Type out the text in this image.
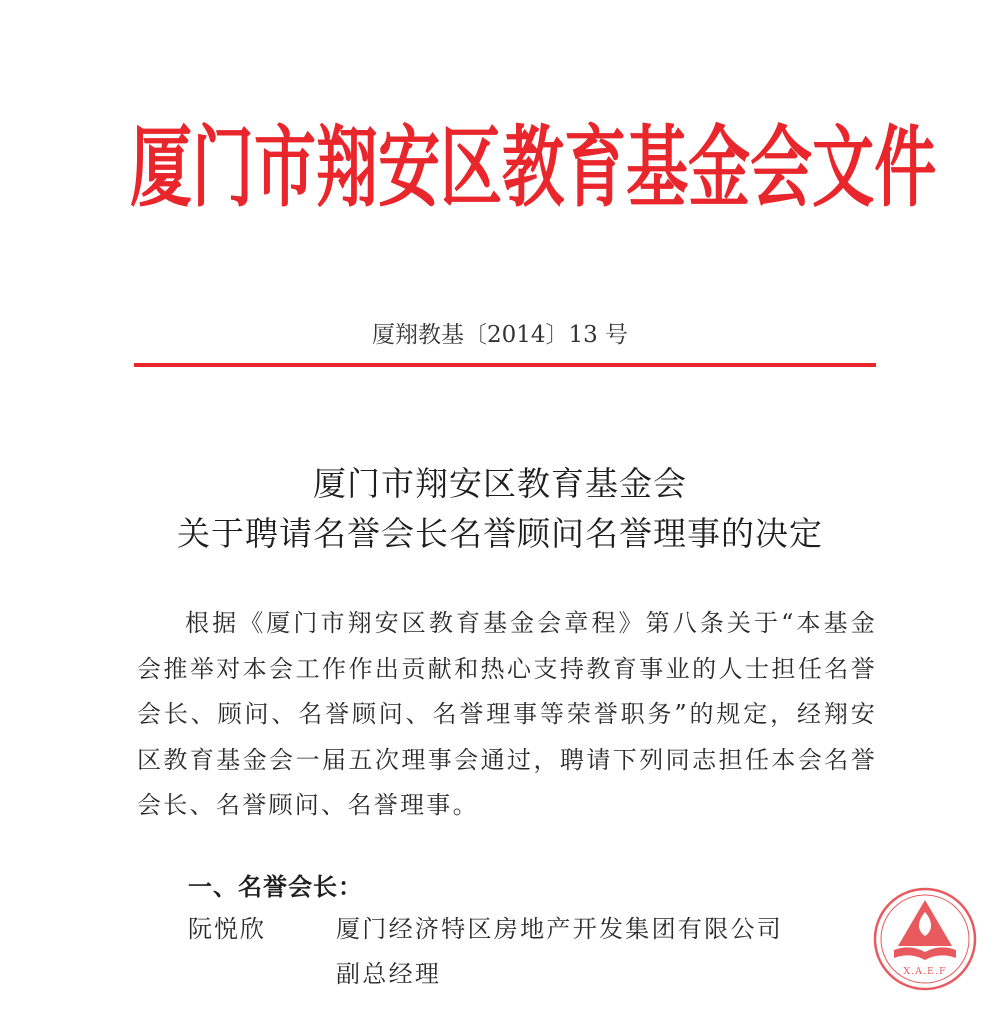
厦 门 市 翔 安 区 教 育 基 金 会 文 件
厦翔教基〔2014〕13 号
厦门市翔安区教育基金会
关于聘请名誉会长名誉顾问名誉理事的决定

根据《厦门市翔安区教育基金会章程》第八条关于“本基金会推举对本会工作作出贡献和热心支持教育事业的人士担任名誉会长、顾问、名誉顾问、名誉理事等荣誉职务”的规定，经翔安区教育基金会一届五次理事会通过，聘请下列同志担任本会名誉会长、名誉顾问、名誉理事。

一、名誉会长：
阮悦欣	厦门经济特区房地产开发集团有限公司
副总经理	X.A.E.F
